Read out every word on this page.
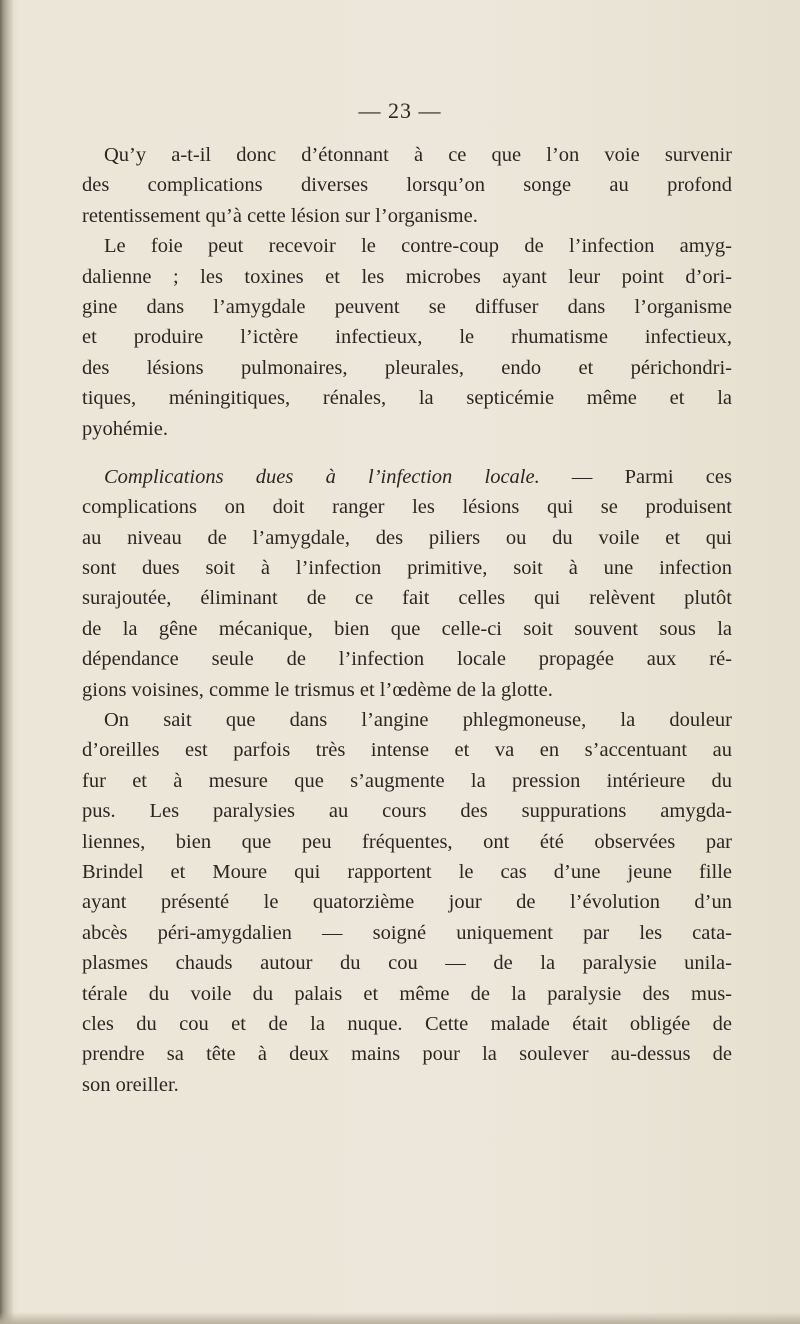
— 23 —
Qu’y a-t-il donc d’étonnant à ce que l’on voie survenir
des complications diverses lorsqu’on songe au profond
retentissement qu’à cette lésion sur l’organisme.
Le foie peut recevoir le contre-coup de l’infection amyg-
dalienne ; les toxines et les microbes ayant leur point d’ori-
gine dans l’amygdale peuvent se diffuser dans l’organisme
et produire l’ictère infectieux, le rhumatisme infectieux,
des lésions pulmonaires, pleurales, endo et périchondri-
tiques, méningitiques, rénales, la septicémie même et la
pyohémie.
Complications dues à l’infection locale. — Parmi ces
complications on doit ranger les lésions qui se produisent
au niveau de l’amygdale, des piliers ou du voile et qui
sont dues soit à l’infection primitive, soit à une infection
surajoutée, éliminant de ce fait celles qui relèvent plutôt
de la gêne mécanique, bien que celle-ci soit souvent sous la
dépendance seule de l’infection locale propagée aux ré-
gions voisines, comme le trismus et l’œdème de la glotte.
On sait que dans l’angine phlegmoneuse, la douleur
d’oreilles est parfois très intense et va en s’accentuant au
fur et à mesure que s’augmente la pression intérieure du
pus. Les paralysies au cours des suppurations amygda-
liennes, bien que peu fréquentes, ont été observées par
Brindel et Moure qui rapportent le cas d’une jeune fille
ayant présenté le quatorzième jour de l’évolution d’un
abcès péri-amygdalien — soigné uniquement par les cata-
plasmes chauds autour du cou — de la paralysie unila-
térale du voile du palais et même de la paralysie des mus-
cles du cou et de la nuque. Cette malade était obligée de
prendre sa tête à deux mains pour la soulever au-dessus de
son oreiller.
